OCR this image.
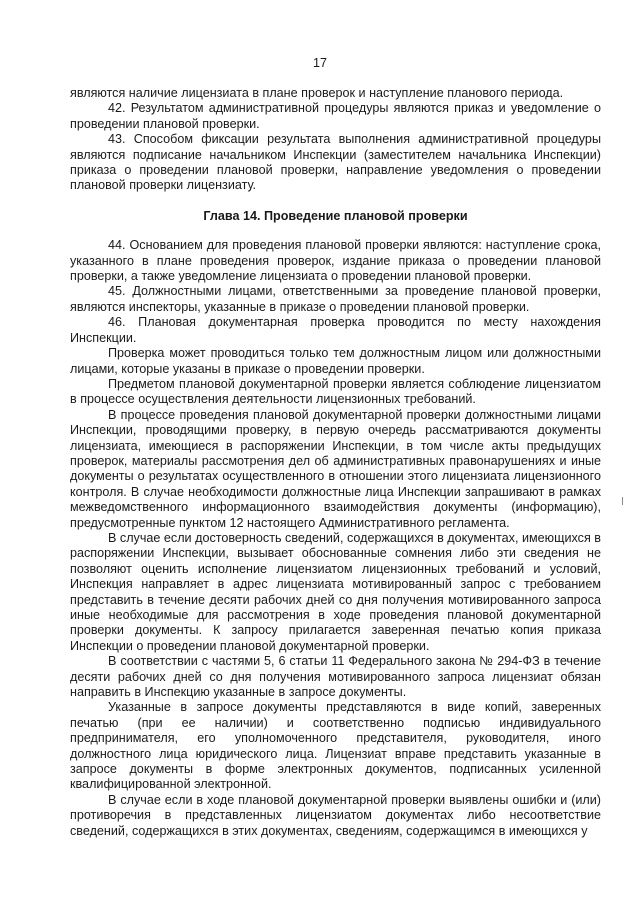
17

являются наличие лицензиата в плане проверок и наступление планового периода.

42. Результатом административной процедуры являются приказ и уведомление о проведении плановой проверки.

43. Способом фиксации результата выполнения административной процедуры являются подписание начальником Инспекции (заместителем начальника Инспекции) приказа о проведении плановой проверки, направление уведомления о проведении плановой проверки лицензиату.

Глава 14. Проведение плановой проверки

44. Основанием для проведения плановой проверки являются: наступление срока, указанного в плане проведения проверок, издание приказа о проведении плановой проверки, а также уведомление лицензиата о проведении плановой проверки.

45. Должностными лицами, ответственными за проведение плановой проверки, являются инспекторы, указанные в приказе о проведении плановой проверки.

46. Плановая документарная проверка проводится по месту нахождения Инспекции.

Проверка может проводиться только тем должностным лицом или должностными лицами, которые указаны в приказе о проведении проверки.

Предметом плановой документарной проверки является соблюдение лицензиатом в процессе осуществления деятельности лицензионных требований.

В процессе проведения плановой документарной проверки должностными лицами Инспекции, проводящими проверку, в первую очередь рассматриваются документы лицензиата, имеющиеся в распоряжении Инспекции, в том числе акты предыдущих проверок, материалы рассмотрения дел об административных правонарушениях и иные документы о результатах осуществленного в отношении этого лицензиата лицензионного контроля. В случае необходимости должностные лица Инспекции запрашивают в рамках межведомственного информационного взаимодействия документы (информацию), предусмотренные пунктом 12 настоящего Административного регламента.

В случае если достоверность сведений, содержащихся в документах, имеющихся в распоряжении Инспекции, вызывает обоснованные сомнения либо эти сведения не позволяют оценить исполнение лицензиатом лицензионных требований и условий, Инспекция направляет в адрес лицензиата мотивированный запрос с требованием представить в течение десяти рабочих дней со дня получения мотивированного запроса иные необходимые для рассмотрения в ходе проведения плановой документарной проверки документы. К запросу прилагается заверенная печатью копия приказа Инспекции о проведении плановой документарной проверки.

В соответствии с частями 5, 6 статьи 11 Федерального закона № 294-ФЗ в течение десяти рабочих дней со дня получения мотивированного запроса лицензиат обязан направить в Инспекцию указанные в запросе документы.

Указанные в запросе документы представляются в виде копий, заверенных печатью (при ее наличии) и соответственно подписью индивидуального предпринимателя, его уполномоченного представителя, руководителя, иного должностного лица юридического лица. Лицензиат вправе представить указанные в запросе документы в форме электронных документов, подписанных усиленной квалифицированной электронной.

В случае если в ходе плановой документарной проверки выявлены ошибки и (или) противоречия в представленных лицензиатом документах либо несоответствие сведений, содержащихся в этих документах, сведениям, содержащимся в имеющихся у
